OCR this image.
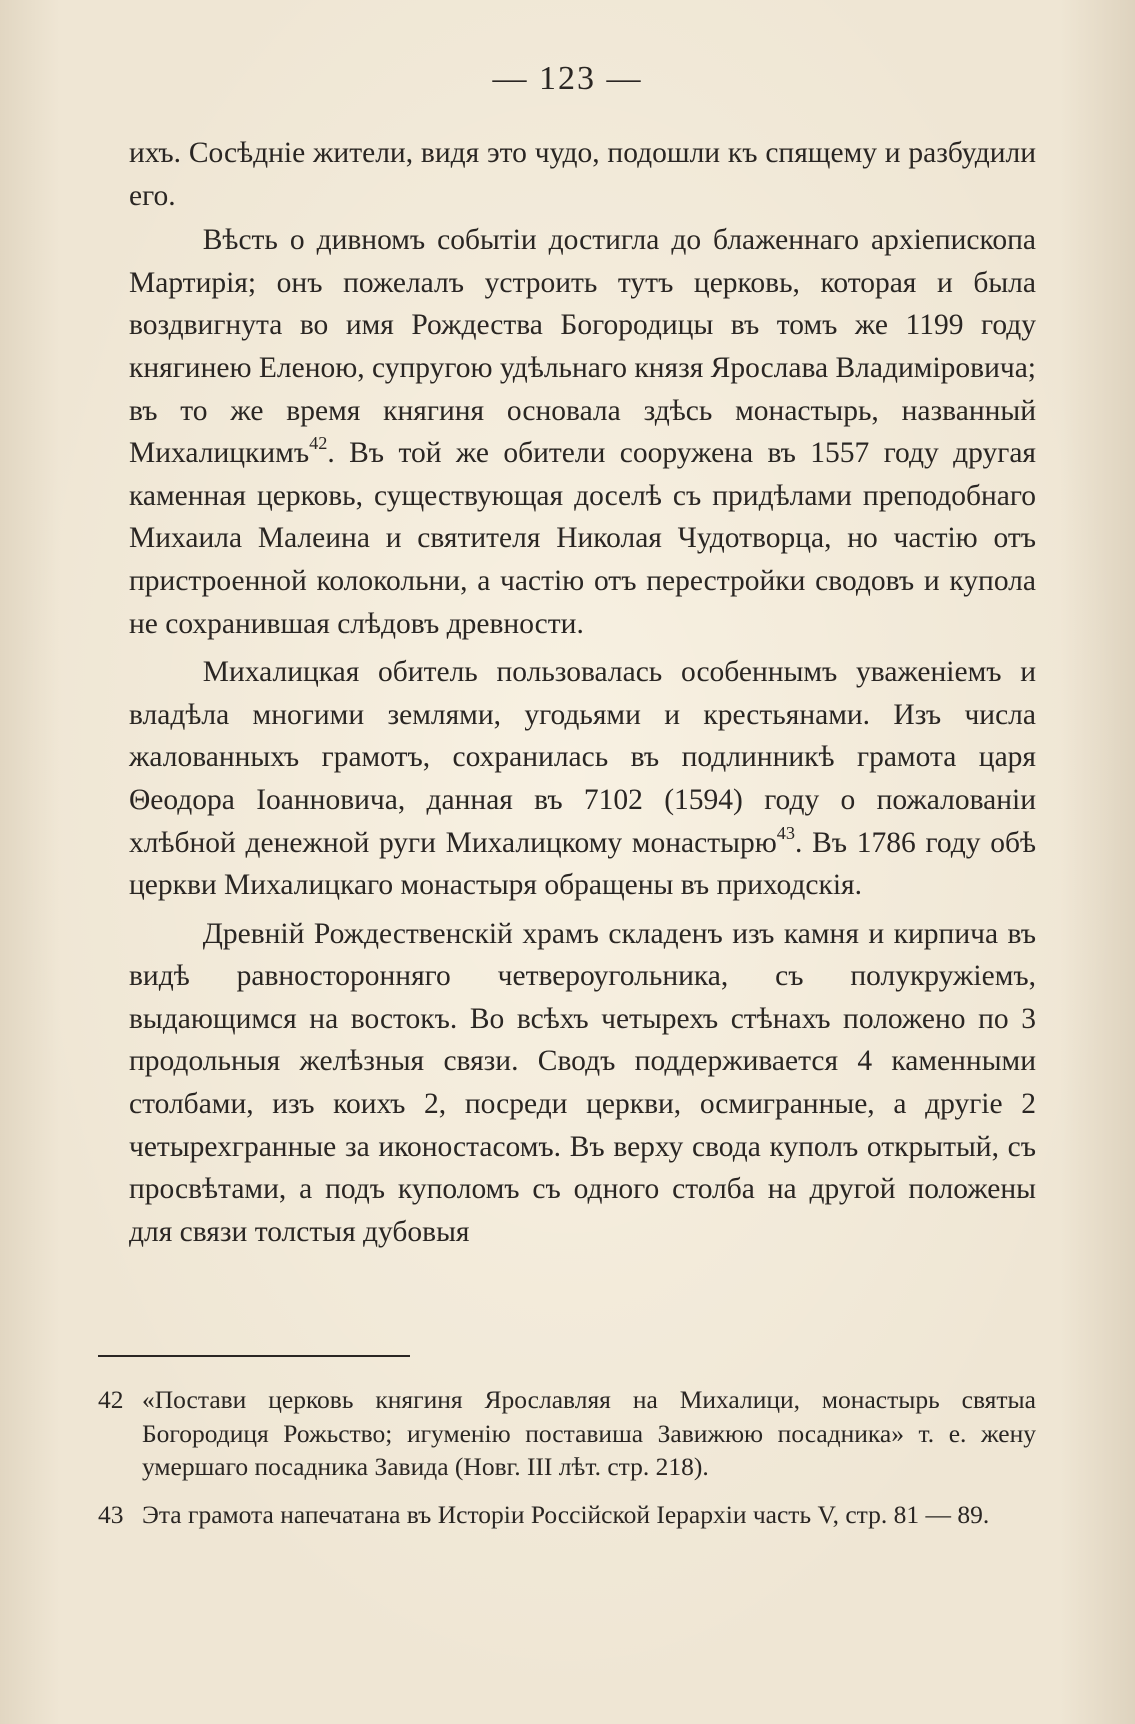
— 123 —

ихъ. Сосѣдніе жители, видя это чудо, подошли къ спящему и разбудили его.

Вѣсть о дивномъ событіи достигла до блаженнаго архіепископа Мартирія; онъ пожелалъ устроить тутъ церковь, которая и была воздвигнута во имя Рождества Богородицы въ томъ же 1199 году княгинею Еленою, супругою удѣльнаго князя Ярослава Владиміровича; въ то же время княгиня основала здѣсь монастырь, названный Михалицкимъ$^{42}$. Въ той же обители сооружена въ 1557 году другая каменная церковь, существующая доселѣ съ придѣлами преподобнаго Михаила Малеина и святителя Николая Чудотворца, но частію отъ пристроенной колокольни, а частію отъ перестройки сводовъ и купола не сохранившая слѣдовъ древности.

Михалицкая обитель пользовалась особеннымъ уваженіемъ и владѣла многими землями, угодьями и крестьянами. Изъ числа жалованныхъ грамотъ, сохранилась въ подлинникѣ грамота царя Θеодора Іоанновича, данная въ 7102 (1594) году о пожалованіи хлѣбной денежной руги Михалицкому монастырю$^{43}$. Въ 1786 году обѣ церкви Михалицкаго монастыря обращены въ приходскія.

Древній Рождественскій храмъ складенъ изъ камня и кирпича въ видѣ равносторонняго четвероугольника, съ полукружіемъ, выдающимся на востокъ. Во всѣхъ четырехъ стѣнахъ положено по 3 продольныя желѣзныя связи. Сводъ поддерживается 4 каменными столбами, изъ коихъ 2, посреди церкви, осмигранные, а другіе 2 четырехгранные за иконостасомъ. Въ верху свода куполъ открытый, съ просвѣтами, а подъ куполомъ съ одного столба на другой положены для связи толстыя дубовыя

42 «Постави церковь княгиня Ярославляя на Михалици, монастырь святыа Богородиця Рожьство; игуменію поставиша Завижюю посадника» т. е. жену умершаго посадника Завида (Новг. III лѣт. стр. 218).
43 Эта грамота напечатана въ Исторіи Россійской Іерархіи часть V, стр. 81 — 89.
